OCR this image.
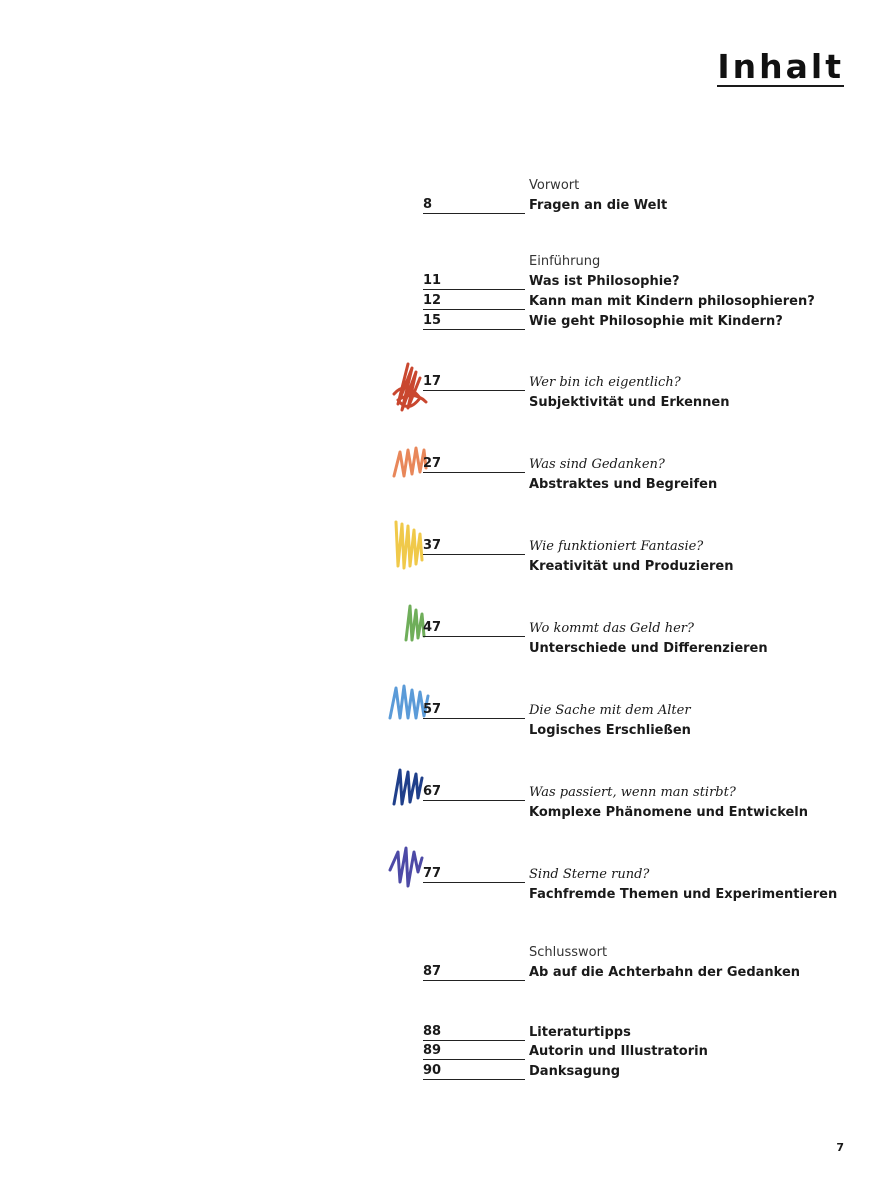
Inhalt
Vorwort
8	Fragen an die Welt
Einführung
11	Was ist Philosophie?
12	Kann man mit Kindern philosophieren?
15	Wie geht Philosophie mit Kindern?
17	Wer bin ich eigentlich?
Subjektivität und Erkennen
27	Was sind Gedanken?
Abstraktes und Begreifen
37	Wie funktioniert Fantasie?
Kreativität und Produzieren
47	Wo kommt das Geld her?
Unterschiede und Differenzieren
57	Die Sache mit dem Alter
Logisches Erschließen
67	Was passiert, wenn man stirbt?
Komplexe Phänomene und Entwickeln
77	Sind Sterne rund?
Fachfremde Themen und Experimentieren
Schlusswort
87	Ab auf die Achterbahn der Gedanken
88	Literaturtipps
89	Autorin und Illustratorin
90	Danksagung
7
